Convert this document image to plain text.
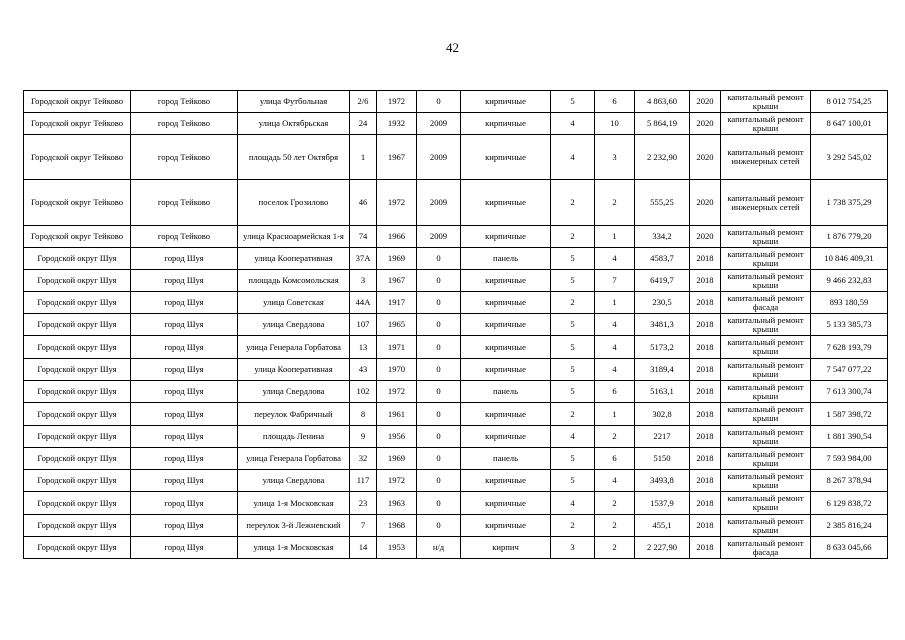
42
Городской округ Тейково	город Тейково	улица Футбольная	2/6	1972	0	кирпичные	5	6	4 863,60	2020	капитальный ремонт крыши	8 012 754,25
Городской округ Тейково	город Тейково	улица Октябрьская	24	1932	2009	кирпичные	4	10	5 864,19	2020	капитальный ремонт крыши	8 647 100,01
Городской округ Тейково	город Тейково	площадь 50 лет Октября	1	1967	2009	кирпичные	4	3	2 232,90	2020	капитальный ремонт инженерных сетей	3 292 545,02
Городской округ Тейково	город Тейково	поселок Грозилово	46	1972	2009	кирпичные	2	2	555,25	2020	капитальный ремонт инженерных сетей	1 738 375,29
Городской округ Тейково	город Тейково	улица Красноармейская 1-я	74	1966	2009	кирпичные	2	1	334,2	2020	капитальный ремонт крыши	1 876 779,20
Городской округ Шуя	город Шуя	улица Кооперативная	37А	1969	0	панель	5	4	4583,7	2018	капитальный ремонт крыши	10 846 409,31
Городской округ Шуя	город Шуя	площадь Комсомольская	3	1967	0	кирпичные	5	7	6419,7	2018	капитальный ремонт крыши	9 466 232,83
Городской округ Шуя	город Шуя	улица Советская	44А	1917	0	кирпичные	2	1	230,5	2018	капитальный ремонт фасада	893 180,59
Городской округ Шуя	город Шуя	улица Свердлова	107	1965	0	кирпичные	5	4	3481,3	2018	капитальный ремонт крыши	5 133 385,73
Городской округ Шуя	город Шуя	улица Генерала Горбатова	13	1971	0	кирпичные	5	4	5173,2	2018	капитальный ремонт крыши	7 628 193,79
Городской округ Шуя	город Шуя	улица Кооперативная	43	1970	0	кирпичные	5	4	3189,4	2018	капитальный ремонт крыши	7 547 077,22
Городской округ Шуя	город Шуя	улица Свердлова	102	1972	0	панель	5	6	5163,1	2018	капитальный ремонт крыши	7 613 300,74
Городской округ Шуя	город Шуя	переулок Фабричный	8	1961	0	кирпичные	2	1	302,8	2018	капитальный ремонт крыши	1 587 398,72
Городской округ Шуя	город Шуя	площадь Ленина	9	1956	0	кирпичные	4	2	2217	2018	капитальный ремонт крыши	1 881 390,54
Городской округ Шуя	город Шуя	улица Генерала Горбатова	32	1969	0	панель	5	6	5150	2018	капитальный ремонт крыши	7 593 984,00
Городской округ Шуя	город Шуя	улица Свердлова	117	1972	0	кирпичные	5	4	3493,8	2018	капитальный ремонт крыши	8 267 378,94
Городской округ Шуя	город Шуя	улица 1-я Московская	23	1963	0	кирпичные	4	2	1537,9	2018	капитальный ремонт крыши	6 129 838,72
Городской округ Шуя	город Шуя	переулок 3-й Лежневский	7	1968	0	кирпичные	2	2	455,1	2018	капитальный ремонт крыши	2 385 816,24
Городской округ Шуя	город Шуя	улица 1-я Московская	14	1953	н/д	кирпич	3	2	2 227,90	2018	капитальный ремонт фасада	8 633 045,66
